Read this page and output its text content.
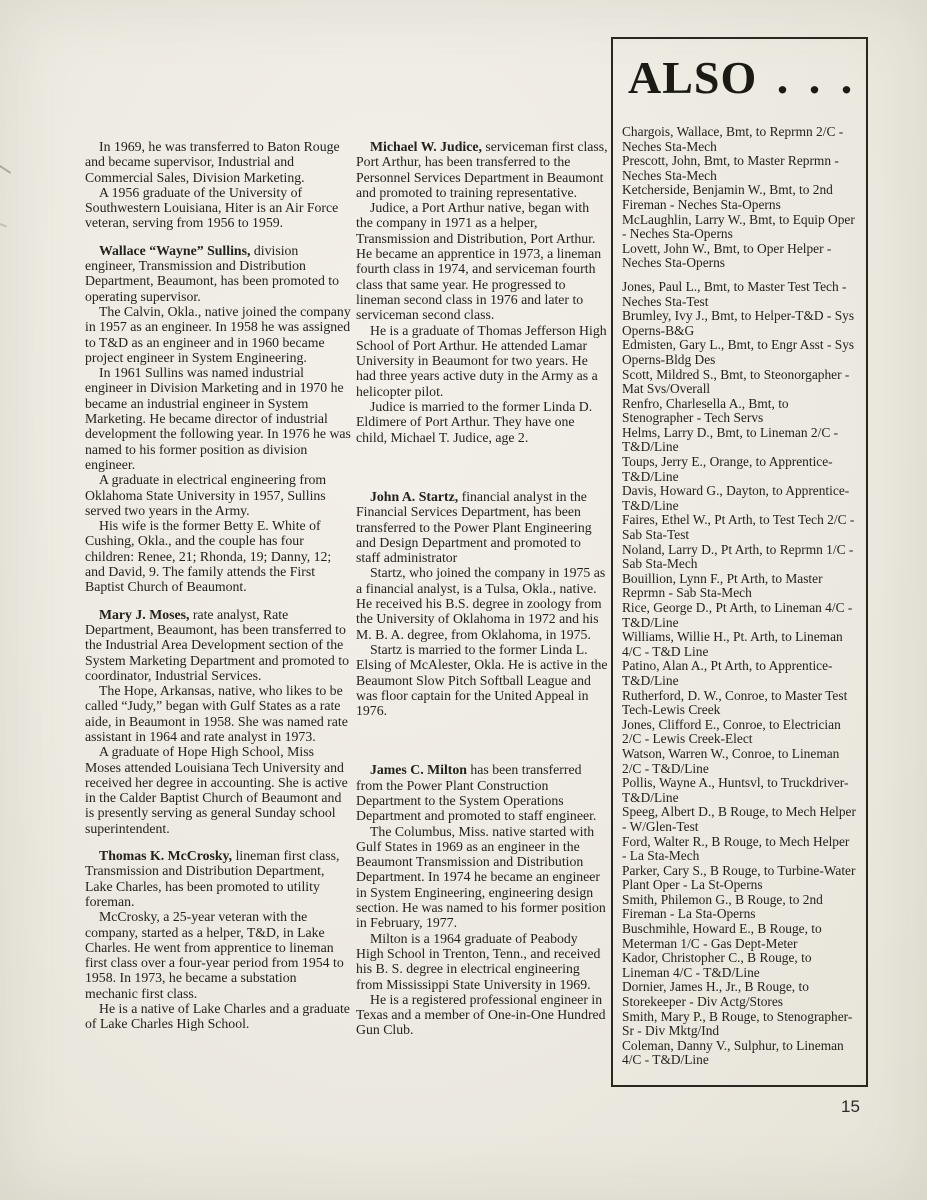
In 1969, he was transferred to Baton Rouge and became supervisor, Industrial and Commercial Sales, Division Marketing.

A 1956 graduate of the University of Southwestern Louisiana, Hiter is an Air Force veteran, serving from 1956 to 1959.

Wallace “Wayne” Sullins, division engineer, Transmission and Distribution Department, Beaumont, has been promoted to operating supervisor.

The Calvin, Okla., native joined the company in 1957 as an engineer. In 1958 he was assigned to T&D as an engineer and in 1960 became project engineer in System Engineering.

In 1961 Sullins was named industrial engineer in Division Marketing and in 1970 he became an industrial engineer in System Marketing. He became director of industrial development the following year. In 1976 he was named to his former position as division engineer.

A graduate in electrical engineering from Oklahoma State University in 1957, Sullins served two years in the Army.

His wife is the former Betty E. White of Cushing, Okla., and the couple has four children: Renee, 21; Rhonda, 19; Danny, 12; and David, 9. The family attends the First Baptist Church of Beaumont.

Mary J. Moses, rate analyst, Rate Department, Beaumont, has been transferred to the Industrial Area Development section of the System Marketing Department and promoted to coordinator, Industrial Services.

The Hope, Arkansas, native, who likes to be called “Judy,” began with Gulf States as a rate aide, in Beaumont in 1958. She was named rate assistant in 1964 and rate analyst in 1973.

A graduate of Hope High School, Miss Moses attended Louisiana Tech University and received her degree in accounting. She is active in the Calder Baptist Church of Beaumont and is presently serving as general Sunday school superintendent.

Thomas K. McCrosky, lineman first class, Transmission and Distribution Department, Lake Charles, has been promoted to utility foreman.

McCrosky, a 25-year veteran with the company, started as a helper, T&D, in Lake Charles. He went from apprentice to lineman first class over a four-year period from 1954 to 1958. In 1973, he became a substation mechanic first class.

He is a native of Lake Charles and a graduate of Lake Charles High School.

Michael W. Judice, serviceman first class, Port Arthur, has been transferred to the Personnel Services Department in Beaumont and promoted to training representative.

Judice, a Port Arthur native, began with the company in 1971 as a helper, Transmission and Distribution, Port Arthur. He became an apprentice in 1973, a lineman fourth class in 1974, and serviceman fourth class that same year. He progressed to lineman second class in 1976 and later to serviceman second class.

He is a graduate of Thomas Jefferson High School of Port Arthur. He attended Lamar University in Beaumont for two years. He had three years active duty in the Army as a helicopter pilot.

Judice is married to the former Linda D. Eldimere of Port Arthur. They have one child, Michael T. Judice, age 2.

John A. Startz, financial analyst in the Financial Services Department, has been transferred to the Power Plant Engineering and Design Department and promoted to staff administrator

Startz, who joined the company in 1975 as a financial analyst, is a Tulsa, Okla., native. He received his B.S. degree in zoology from the University of Oklahoma in 1972 and his M. B. A. degree, from Oklahoma, in 1975.

Startz is married to the former Linda L. Elsing of McAlester, Okla. He is active in the Beaumont Slow Pitch Softball League and was floor captain for the United Appeal in 1976.

James C. Milton has been transferred from the Power Plant Construction Department to the System Operations Department and promoted to staff engineer.

The Columbus, Miss. native started with Gulf States in 1969 as an engineer in the Beaumont Transmission and Distribution Department. In 1974 he became an engineer in System Engineering, engineering design section. He was named to his former position in February, 1977.

Milton is a 1964 graduate of Peabody High School in Trenton, Tenn., and received his B. S. degree in electrical engineering from Mississippi State University in 1969.

He is a registered professional engineer in Texas and a member of One-in-One Hundred Gun Club.

ALSO . . .

Chargois, Wallace, Bmt, to Reprmn 2/C - Neches Sta-Mech

Prescott, John, Bmt, to Master Reprmn - Neches Sta-Mech

Ketcherside, Benjamin W., Bmt, to 2nd Fireman - Neches Sta-Operns

McLaughlin, Larry W., Bmt, to Equip Oper - Neches Sta-Operns

Lovett, John W., Bmt, to Oper Helper - Neches Sta-Operns

Jones, Paul L., Bmt, to Master Test Tech - Neches Sta-Test

Brumley, Ivy J., Bmt, to Helper-T&D - Sys Operns-B&G

Edmisten, Gary L., Bmt, to Engr Asst - Sys Operns-Bldg Des

Scott, Mildred S., Bmt, to Steonorgapher - Mat Svs/Overall

Renfro, Charlesella A., Bmt, to Stenographer - Tech Servs

Helms, Larry D., Bmt, to Lineman 2/C - T&D/Line

Toups, Jerry E., Orange, to Apprentice-T&D/Line

Davis, Howard G., Dayton, to Apprentice-T&D/Line

Faires, Ethel W., Pt Arth, to Test Tech 2/C - Sab Sta-Test

Noland, Larry D., Pt Arth, to Reprmn 1/C - Sab Sta-Mech

Bouillion, Lynn F., Pt Arth, to Master Reprmn - Sab Sta-Mech

Rice, George D., Pt Arth, to Lineman 4/C - T&D/Line

Williams, Willie H., Pt. Arth, to Lineman 4/C - T&D Line

Patino, Alan A., Pt Arth, to Apprentice-T&D/Line

Rutherford, D. W., Conroe, to Master Test Tech-Lewis Creek

Jones, Clifford E., Conroe, to Electrician 2/C - Lewis Creek-Elect

Watson, Warren W., Conroe, to Lineman 2/C - T&D/Line

Pollis, Wayne A., Huntsvl, to Truckdriver-T&D/Line

Speeg, Albert D., B Rouge, to Mech Helper - W/Glen-Test

Ford, Walter R., B Rouge, to Mech Helper - La Sta-Mech

Parker, Cary S., B Rouge, to Turbine-Water Plant Oper - La St-Operns

Smith, Philemon G., B Rouge, to 2nd Fireman - La Sta-Operns

Buschmihle, Howard E., B Rouge, to Meterman 1/C - Gas Dept-Meter

Kador, Christopher C., B Rouge, to Lineman 4/C - T&D/Line

Dornier, James H., Jr., B Rouge, to Storekeeper - Div Actg/Stores

Smith, Mary P., B Rouge, to Stenographer-Sr - Div Mktg/Ind

Coleman, Danny V., Sulphur, to Lineman 4/C - T&D/Line

15
